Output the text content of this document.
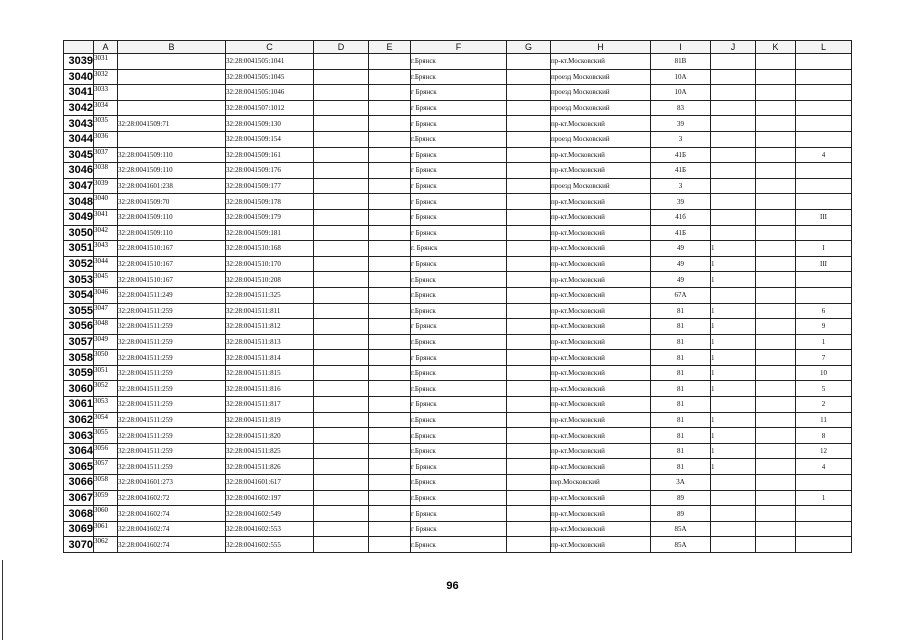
	A	B	C	D	E	F	G	H	I	J	K	L
3039	3031		32:28:0041505:1041			г.Брянск		пр-кт.Московский	81В			
3040	3032		32:28:0041505:1045			г.Брянск		проезд Московский	10А			
3041	3033		32:28:0041505:1046			г Брянск		проезд Московский	10А			
3042	3034		32:28:0041507:1012			г Брянск		проезд Московский	83			
3043	3035	32:28:0041509:71	32:28:0041509:130			г Брянск		пр-кт.Московский	39			
3044	3036		32:28:0041509:154			г.Брянск		проезд Московский	3			
3045	3037	32:28:0041509:110	32:28:0041509:161			г Брянск		пр-кт.Московский	41Б			4
3046	3038	32:28:0041509:110	32:28:0041509:176			г Брянск		пр-кт.Московский	41Б			
3047	3039	32:28:0041601:238	32:28:0041509:177			г Брянск		проезд Московский	3			
3048	3040	32:28:0041509:70	32:28:0041509:178			г Брянск		пр-кт.Московский	39			
3049	3041	32:28:0041509:110	32:28:0041509:179			г Брянск		пр-кт.Московский	41б			III
3050	3042	32:28:0041509:110	32:28:0041509:181			г Брянск		пр-кт.Московский	41Б			
3051	3043	32:28:0041510:167	32:28:0041510:168			г. Брянск		пр-кт.Московский	49	1		I
3052	3044	32:28:0041510:167	32:28:0041510:170			г Брянск		пр-кт.Московский	49	1		III
3053	3045	32:28:0041510:167	32:28:0041510:208			г.Брянск		пр-кт.Московский	49	1		
3054	3046	32:28:0041511:249	32:28:0041511:325			г.Брянск		пр-кт.Московский	67А			
3055	3047	32:28:0041511:259	32:28:0041511:811			г.Брянск		пр-кт.Московский	81	1		6
3056	3048	32:28:0041511:259	32:28:0041511:812			г Брянск		пр-кт.Московский	81	1		9
3057	3049	32:28:0041511:259	32:28:0041511:813			г.Брянск		пр-кт.Московский	81	1		1
3058	3050	32:28:0041511:259	32:28:0041511:814			г Брянск		пр-кт.Московский	81	1		7
3059	3051	32:28:0041511:259	32:28:0041511:815			г.Брянск		пр-кт.Московский	81	1		10
3060	3052	32:28:0041511:259	32:28:0041511:816			г.Брянск		пр-кт.Московский	81	1		5
3061	3053	32:28:0041511:259	32:28:0041511:817			г Брянск		пр-кт.Московский	81			2
3062	3054	32:28:0041511:259	32:28:0041511:819			г.Брянск		пр-кт.Московский	81	1		11
3063	3055	32:28:0041511:259	32:28:0041511:820			г.Брянск		пр-кт.Московский	81	1		8
3064	3056	32:28:0041511:259	32:28:0041511:825			г.Брянск		пр-кт.Московский	81	1		12
3065	3057	32:28:0041511:259	32:28:0041511:826			г Брянск		пр-кт.Московский	81	1		4
3066	3058	32:28:0041601:273	32:28:0041601:617			г.Брянск		пер.Московский	3А			
3067	3059	32:28:0041602:72	32:28:0041602:197			г.Брянск		пр-кт.Московский	89			1
3068	3060	32:28:0041602:74	32:28:0041602:549			г Брянск		пр-кт.Московский	89			
3069	3061	32:28:0041602:74	32:28:0041602:553			г Брянск		пр-кт.Московский	85А			
3070	3062	32:28:0041602:74	32:28:0041602:555			г.Брянск		пр-кт.Московский	85А			
96
